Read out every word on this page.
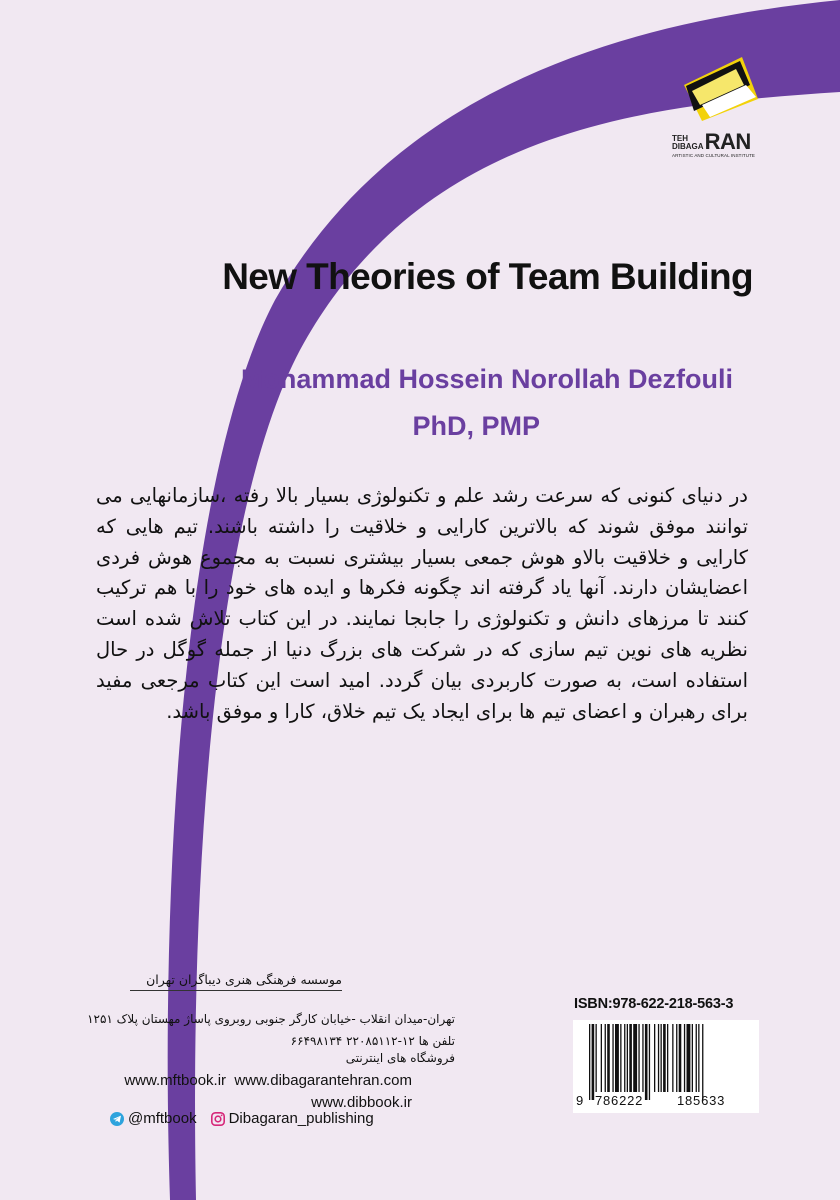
TEH
DIBAGA RAN
ARTISTIC AND CULTURAL INSTITUTE
New Theories of Team Building
Mohammad Hossein Norollah Dezfouli
PhD, PMP
در دنیای کنونی که سرعت رشد علم و تکنولوژی بسیار بالا رفته ،سازمانهایی می توانند موفق شوند که بالاترین کارایی و خلاقیت را داشته باشند. تیم هایی که کارایی و خلاقیت بالاو هوش جمعی بسیار بیشتری نسبت به مجموع هوش فردی اعضایشان دارند. آنها یاد گرفته اند چگونه فکرها و ایده های خود را با هم ترکیب کنند تا مرزهای دانش و تکنولوژی را جابجا نمایند. در این کتاب تلاش شده است نظریه های نوین تیم سازی که در شرکت های بزرگ دنیا از جمله گوگل در حال استفاده است، به صورت کاربردی بیان گردد. امید است این کتاب مرجعی مفید برای رهبران و اعضای تیم ها برای ایجاد یک تیم خلاق، کارا و موفق باشد.
موسسه فرهنگی هنری دیباگران تهران
تهران-میدان انقلاب -خیابان کارگر جنوبی روبروی پاساژ مهستان پلاک ۱۲۵۱
تلفن ها ۱۲-۲۲۰۸۵۱۱۲ ۶۶۴۹۸۱۳۴
فروشگاه های اینترنتی
www.mftbook.ir www.dibagarantehran.com
www.dibbook.ir
@mftbook Dibagaran_publishing
ISBN:978-622-218-563-3
9 786222	185633
